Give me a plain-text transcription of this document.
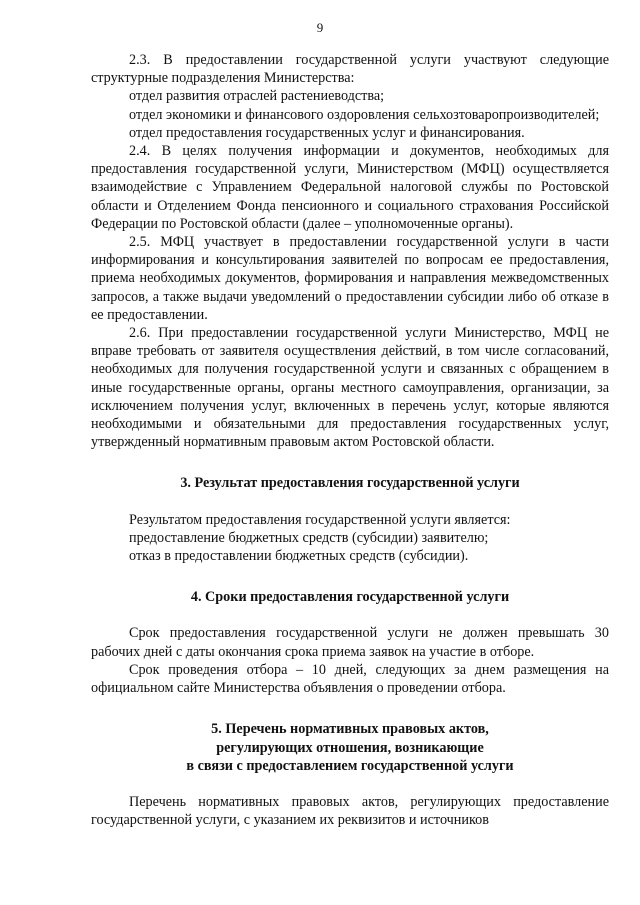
9

2.3. В предоставлении государственной услуги участвуют следующие структурные подразделения Министерства:

отдел развития отраслей растениеводства;

отдел экономики и финансового оздоровления сельхозтоваропроизводителей;

отдел предоставления государственных услуг и финансирования.

2.4. В целях получения информации и документов, необходимых для предоставления государственной услуги, Министерством (МФЦ) осуществляется взаимодействие с Управлением Федеральной налоговой службы по Ростовской области и Отделением Фонда пенсионного и социального страхования Российской Федерации по Ростовской области (далее – уполномоченные органы).

2.5. МФЦ участвует в предоставлении государственной услуги в части информирования и консультирования заявителей по вопросам ее предоставления, приема необходимых документов, формирования и направления межведомственных запросов, а также выдачи уведомлений о предоставлении субсидии либо об отказе в ее предоставлении.

2.6. При предоставлении государственной услуги Министерство, МФЦ не вправе требовать от заявителя осуществления действий, в том числе согласований, необходимых для получения государственной услуги и связанных с обращением в иные государственные органы, органы местного самоуправления, организации, за исключением получения услуг, включенных в перечень услуг, которые являются необходимыми и обязательными для предоставления государственных услуг, утвержденный нормативным правовым актом Ростовской области.

3. Результат предоставления государственной услуги

Результатом предоставления государственной услуги является:

предоставление бюджетных средств (субсидии) заявителю;

отказ в предоставлении бюджетных средств (субсидии).

4. Сроки предоставления государственной услуги

Срок предоставления государственной услуги не должен превышать 30 рабочих дней с даты окончания срока приема заявок на участие в отборе.

Срок проведения отбора – 10 дней, следующих за днем размещения на официальном сайте Министерства объявления о проведении отбора.

5. Перечень нормативных правовых актов,
регулирующих отношения, возникающие
в связи с предоставлением государственной услуги

Перечень нормативных правовых актов, регулирующих предоставление государственной услуги, с указанием их реквизитов и источников
